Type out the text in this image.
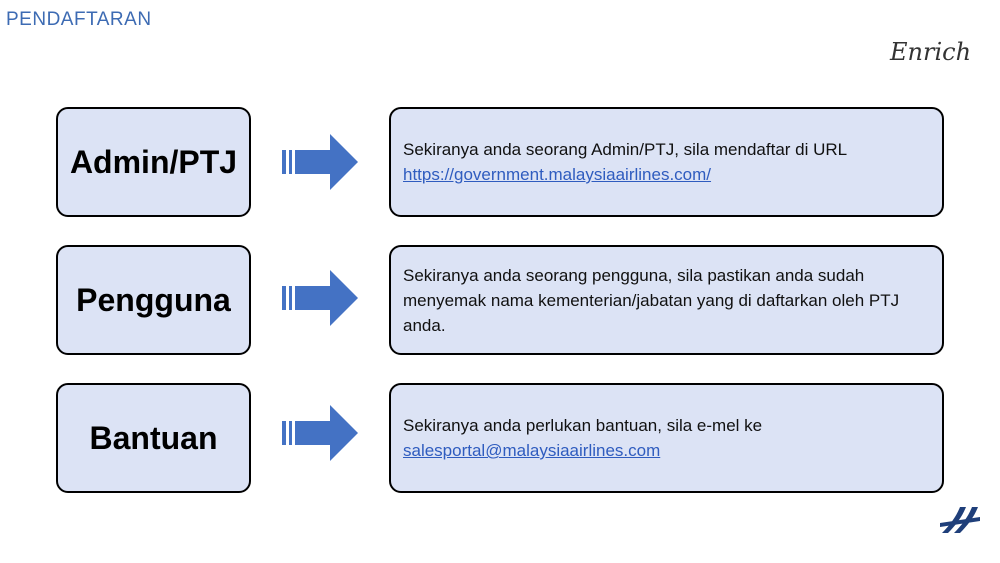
PENDAFTARAN
Enrich
Admin/PTJ	Sekiranya anda seorang Admin/PTJ, sila mendaftar di URL
https://government.malaysiaairlines.com/
Pengguna
Sekiranya anda seorang pengguna, sila pastikan anda sudah menyemak nama kementerian/jabatan yang di daftarkan oleh PTJ anda.
Bantuan	Sekiranya anda perlukan bantuan, sila e-mel ke
salesportal@malaysiaairlines.com
